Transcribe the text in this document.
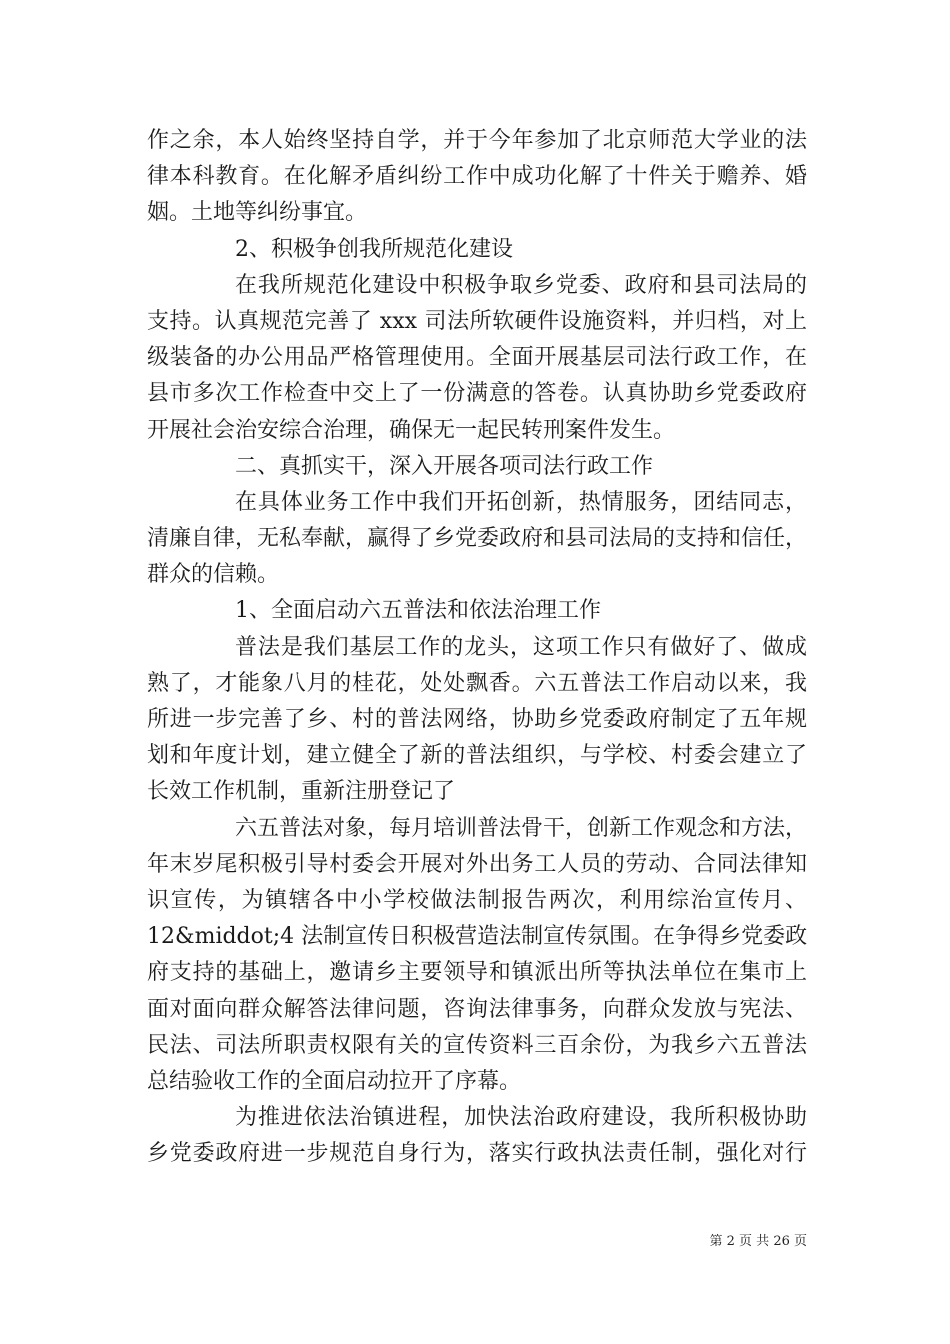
作之余，本人始终坚持自学，并于今年参加了北京师范大学业的法
律本科教育。在化解矛盾纠纷工作中成功化解了十件关于赡养、婚
姻。土地等纠纷事宜。
2、积极争创我所规范化建设
在我所规范化建设中积极争取乡党委、政府和县司法局的
支持。认真规范完善了 xxx 司法所软硬件设施资料，并归档，对上
级装备的办公用品严格管理使用。全面开展基层司法行政工作，在
县市多次工作检查中交上了一份满意的答卷。认真协助乡党委政府
开展社会治安综合治理，确保无一起民转刑案件发生。
二、真抓实干，深入开展各项司法行政工作
在具体业务工作中我们开拓创新，热情服务，团结同志，
清廉自律，无私奉献，赢得了乡党委政府和县司法局的支持和信任，
群众的信赖。
1、全面启动六五普法和依法治理工作
普法是我们基层工作的龙头，这项工作只有做好了、做成
熟了，才能象八月的桂花，处处飘香。六五普法工作启动以来，我
所进一步完善了乡、村的普法网络，协助乡党委政府制定了五年规
划和年度计划，建立健全了新的普法组织，与学校、村委会建立了
长效工作机制，重新注册登记了
六五普法对象，每月培训普法骨干，创新工作观念和方法，
年末岁尾积极引导村委会开展对外出务工人员的劳动、合同法律知
识宣传，为镇辖各中小学校做法制报告两次，利用综治宣传月、
12&middot;4 法制宣传日积极营造法制宣传氛围。在争得乡党委政
府支持的基础上，邀请乡主要领导和镇派出所等执法单位在集市上
面对面向群众解答法律问题，咨询法律事务，向群众发放与宪法、
民法、司法所职责权限有关的宣传资料三百余份，为我乡六五普法
总结验收工作的全面启动拉开了序幕。
为推进依法治镇进程，加快法治政府建设，我所积极协助
乡党委政府进一步规范自身行为，落实行政执法责任制，强化对行
第 2 页 共 26 页
